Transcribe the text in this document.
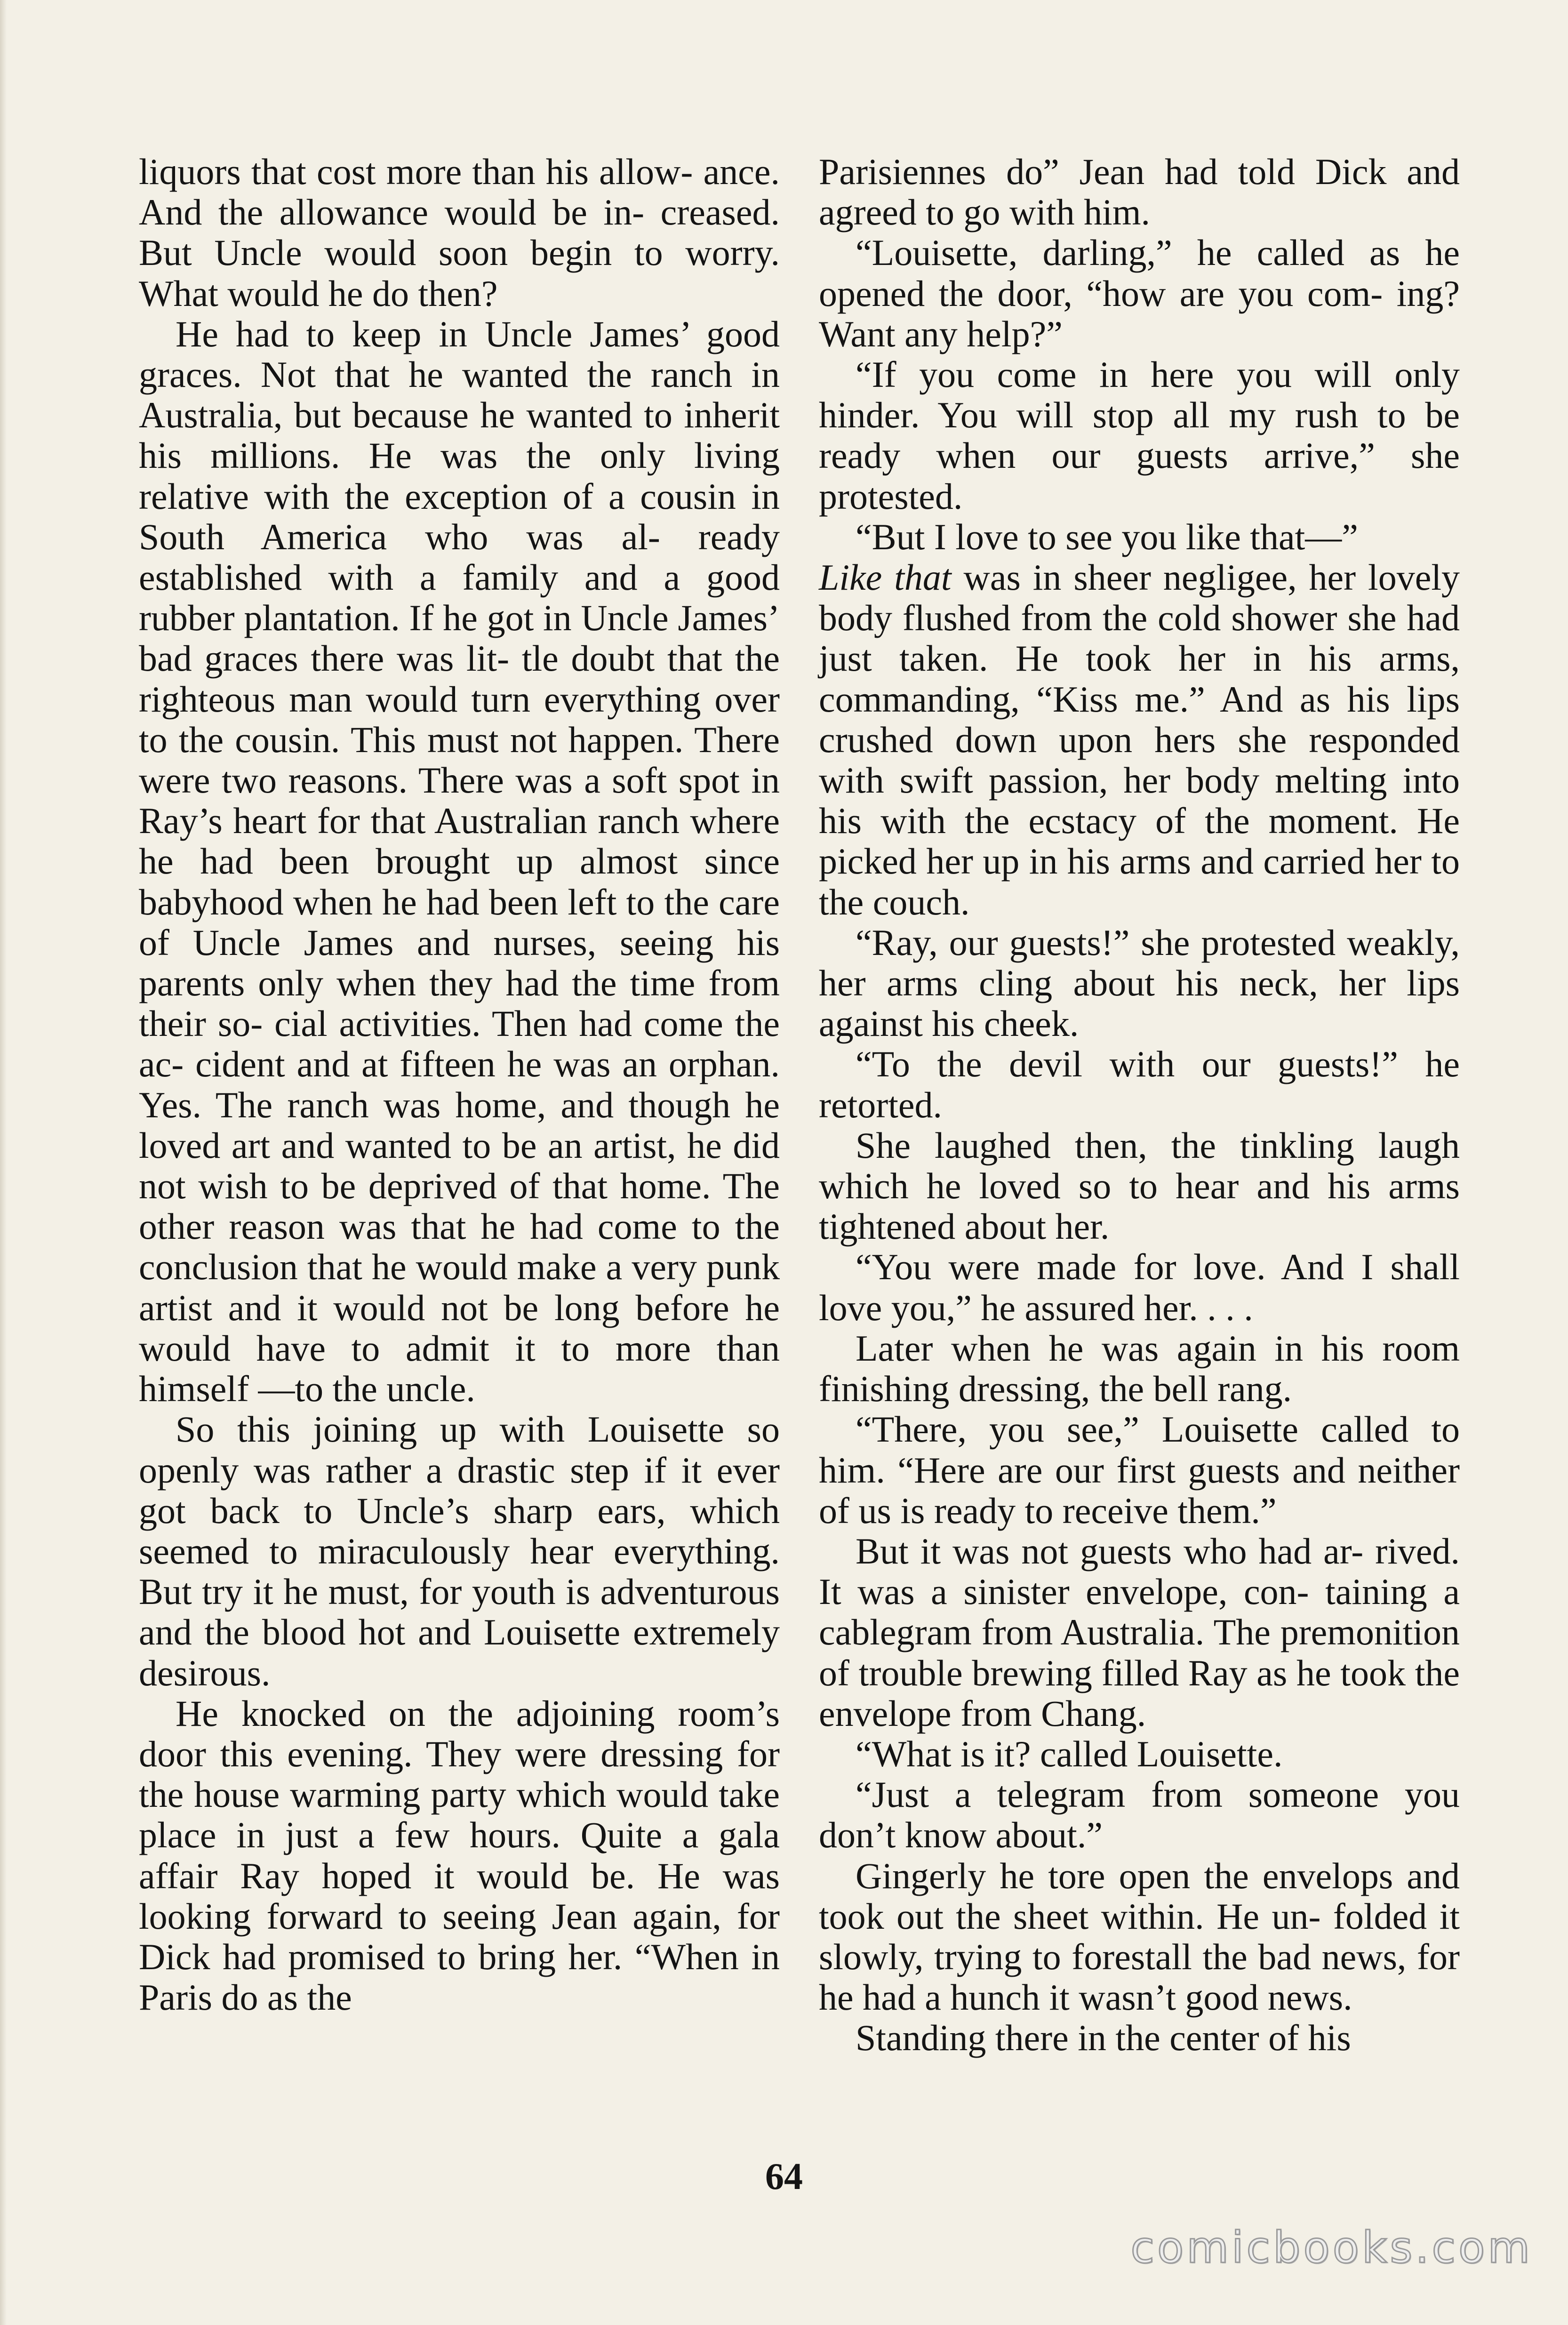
liquors that cost more than his allow- ance. And the allowance would be in- creased. But Uncle would soon begin to worry. What would he do then?

He had to keep in Uncle James’ good graces. Not that he wanted the ranch in Australia, but because he wanted to inherit his millions. He was the only living relative with the exception of a cousin in South America who was al- ready established with a family and a good rubber plantation. If he got in Uncle James’ bad graces there was lit- tle doubt that the righteous man would turn everything over to the cousin. This must not happen. There were two reasons. There was a soft spot in Ray’s heart for that Australian ranch where he had been brought up almost since babyhood when he had been left to the care of Uncle James and nurses, seeing his parents only when they had the time from their so- cial activities. Then had come the ac- cident and at fifteen he was an orphan. Yes. The ranch was home, and though he loved art and wanted to be an artist, he did not wish to be deprived of that home. The other reason was that he had come to the conclusion that he would make a very punk artist and it would not be long before he would have to admit it to more than himself —to the uncle.

So this joining up with Louisette so openly was rather a drastic step if it ever got back to Uncle’s sharp ears, which seemed to miraculously hear everything. But try it he must, for youth is adventurous and the blood hot and Louisette extremely desirous.

He knocked on the adjoining room’s door this evening. They were dressing for the house warming party which would take place in just a few hours. Quite a gala affair Ray hoped it would be. He was looking forward to seeing Jean again, for Dick had promised to bring her. “When in Paris do as the

Parisiennes do” Jean had told Dick and agreed to go with him.

“Louisette, darling,” he called as he opened the door, “how are you com- ing? Want any help?”

“If you come in here you will only hinder. You will stop all my rush to be ready when our guests arrive,” she protested.

“But I love to see you like that—”

Like that was in sheer negligee, her lovely body flushed from the cold shower she had just taken. He took her in his arms, commanding, “Kiss me.” And as his lips crushed down upon hers she responded with swift passion, her body melting into his with the ecstacy of the moment. He picked her up in his arms and carried her to the couch.

“Ray, our guests!” she protested weakly, her arms cling about his neck, her lips against his cheek.

“To the devil with our guests!” he retorted.

She laughed then, the tinkling laugh which he loved so to hear and his arms tightened about her.

“You were made for love. And I shall love you,” he assured her. . . .

Later when he was again in his room finishing dressing, the bell rang.

“There, you see,” Louisette called to him. “Here are our first guests and neither of us is ready to receive them.”

But it was not guests who had ar- rived. It was a sinister envelope, con- taining a cablegram from Australia. The premonition of trouble brewing filled Ray as he took the envelope from Chang.

“What is it? called Louisette.

“Just a telegram from someone you don’t know about.”

Gingerly he tore open the envelops and took out the sheet within. He un- folded it slowly, trying to forestall the bad news, for he had a hunch it wasn’t good news.

Standing there in the center of his

64
comicbooks.com
